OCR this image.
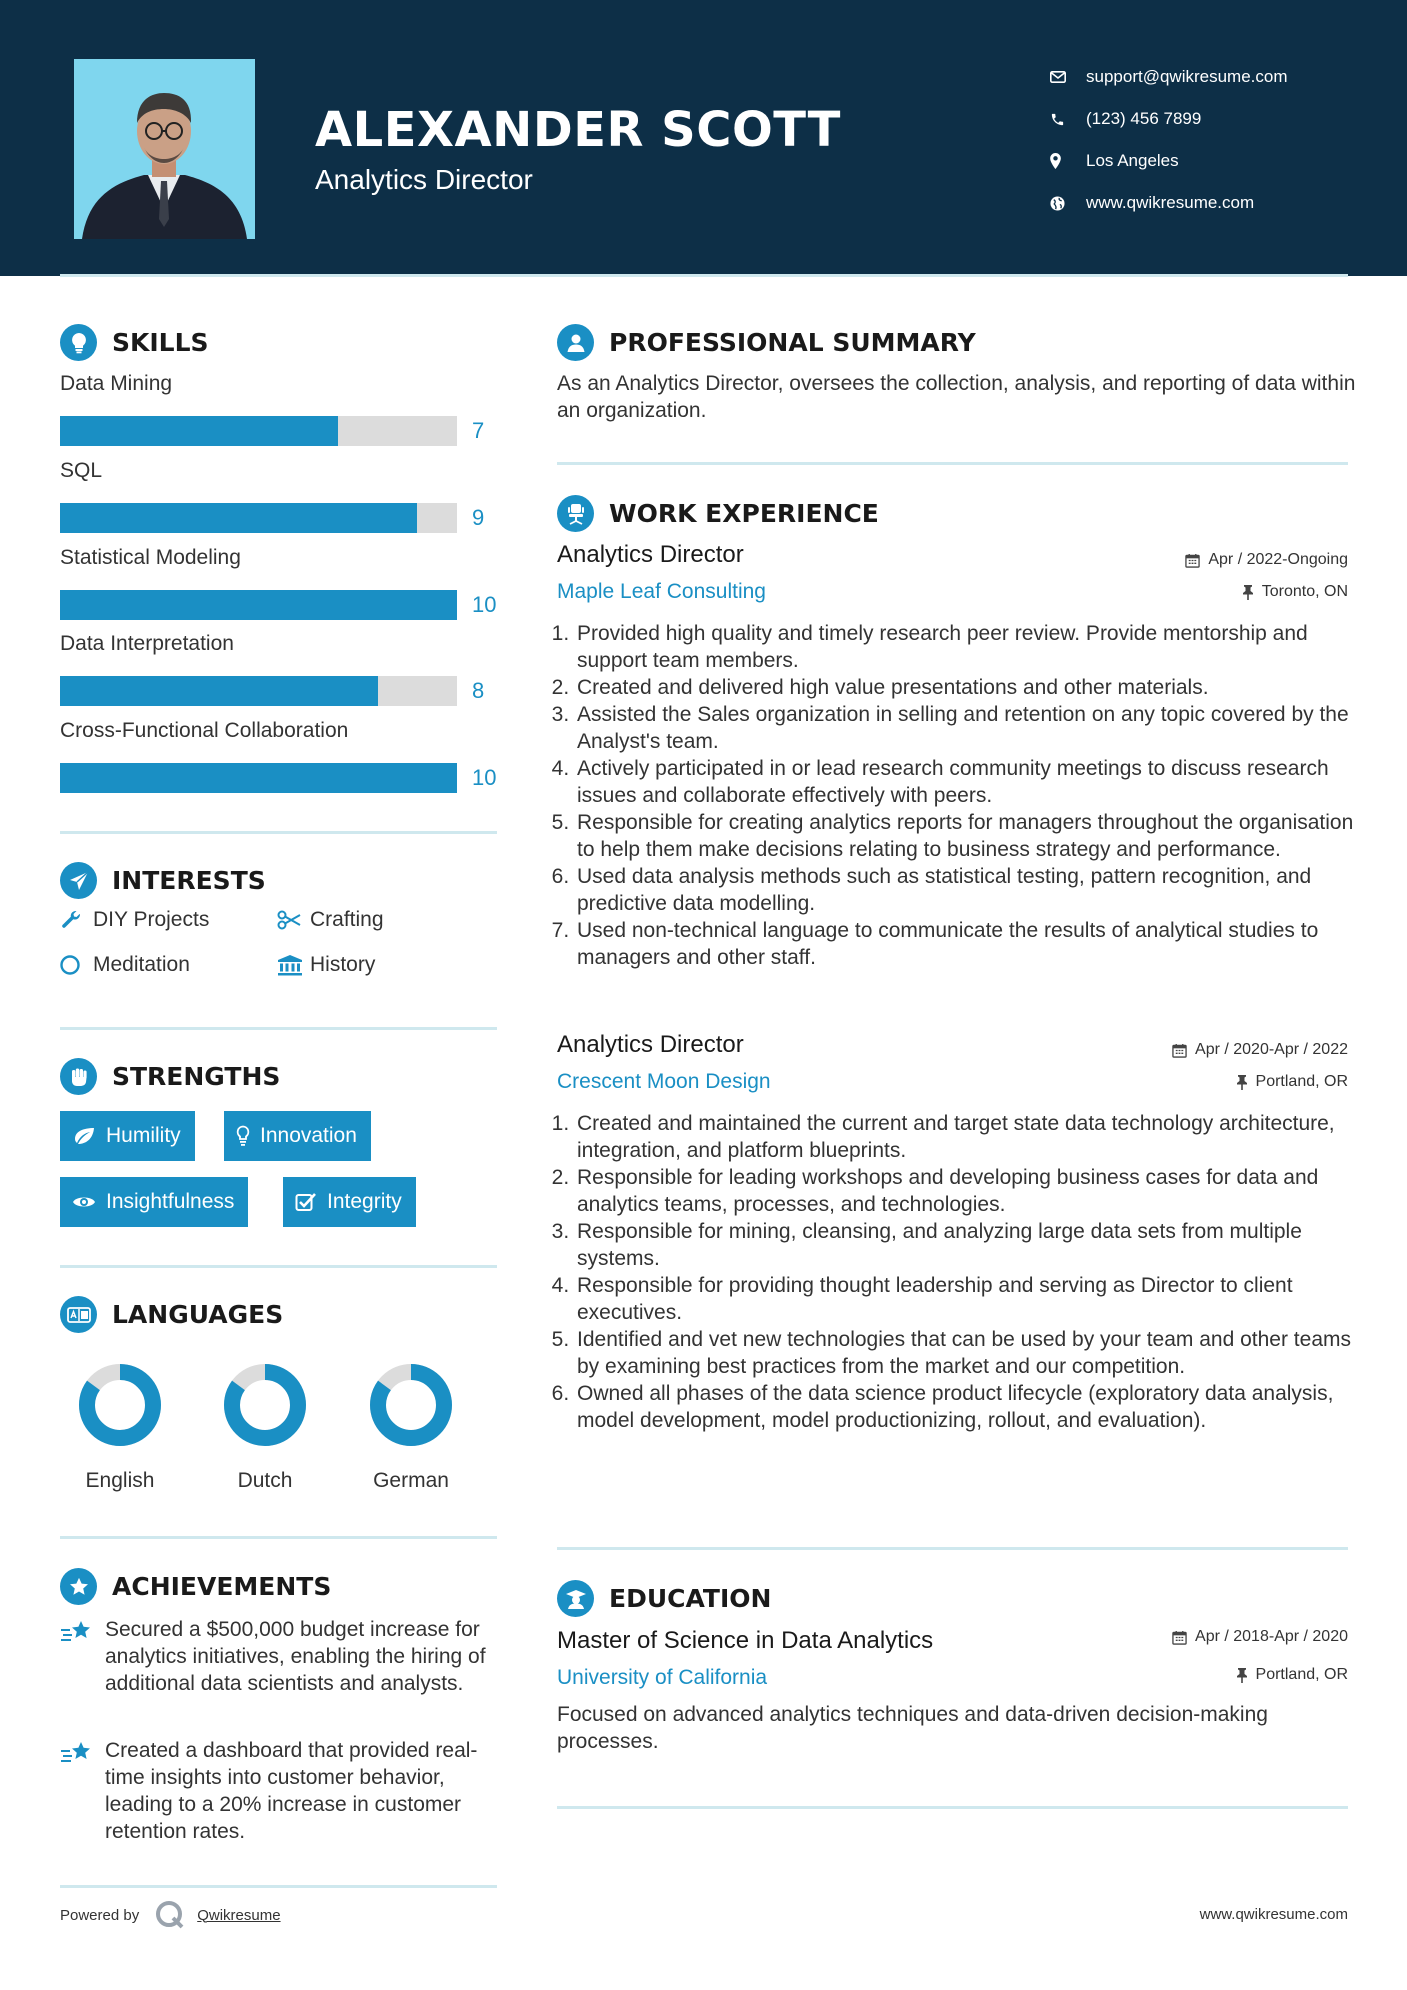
ALEXANDER SCOTT
Analytics Director
support@qwikresume.com
(123) 456 7899
Los Angeles
www.qwikresume.com
SKILLS
Data Mining
7
SQL
9
Statistical Modeling
10
Data Interpretation
8
Cross-Functional Collaboration
10
INTERESTS
DIY Projects	Crafting
Meditation	History
STRENGTHS
Humility	Innovation
Insightfulness	Integrity
LANGUAGES
English	Dutch	German
ACHIEVEMENTS
Secured a $500,000 budget increase for analytics initiatives, enabling the hiring of additional data scientists and analysts.
Created a dashboard that provided real-time insights into customer behavior, leading to a 20% increase in customer retention rates.
PROFESSIONAL SUMMARY
As an Analytics Director, oversees the collection, analysis, and reporting of data within an organization.
WORK EXPERIENCE
Analytics Director	Apr / 2022-Ongoing
Maple Leaf Consulting	Toronto, ON
1. Provided high quality and timely research peer review. Provide mentorship and support team members.
2. Created and delivered high value presentations and other materials.
3. Assisted the Sales organization in selling and retention on any topic covered by the Analyst's team.
4. Actively participated in or lead research community meetings to discuss research issues and collaborate effectively with peers.
5. Responsible for creating analytics reports for managers throughout the organisation to help them make decisions relating to business strategy and performance.
6. Used data analysis methods such as statistical testing, pattern recognition, and predictive data modelling.
7. Used non-technical language to communicate the results of analytical studies to managers and other staff.
Analytics Director	Apr / 2020-Apr / 2022
Crescent Moon Design	Portland, OR
1. Created and maintained the current and target state data technology architecture, integration, and platform blueprints.
2. Responsible for leading workshops and developing business cases for data and analytics teams, processes, and technologies.
3. Responsible for mining, cleansing, and analyzing large data sets from multiple systems.
4. Responsible for providing thought leadership and serving as Director to client executives.
5. Identified and vet new technologies that can be used by your team and other teams by examining best practices from the market and our competition.
6. Owned all phases of the data science product lifecycle (exploratory data analysis, model development, model productionizing, rollout, and evaluation).
EDUCATION
Master of Science in Data Analytics	Apr / 2018-Apr / 2020
University of California	Portland, OR
Focused on advanced analytics techniques and data-driven decision-making processes.
Powered by	Qwikresume	www.qwikresume.com
